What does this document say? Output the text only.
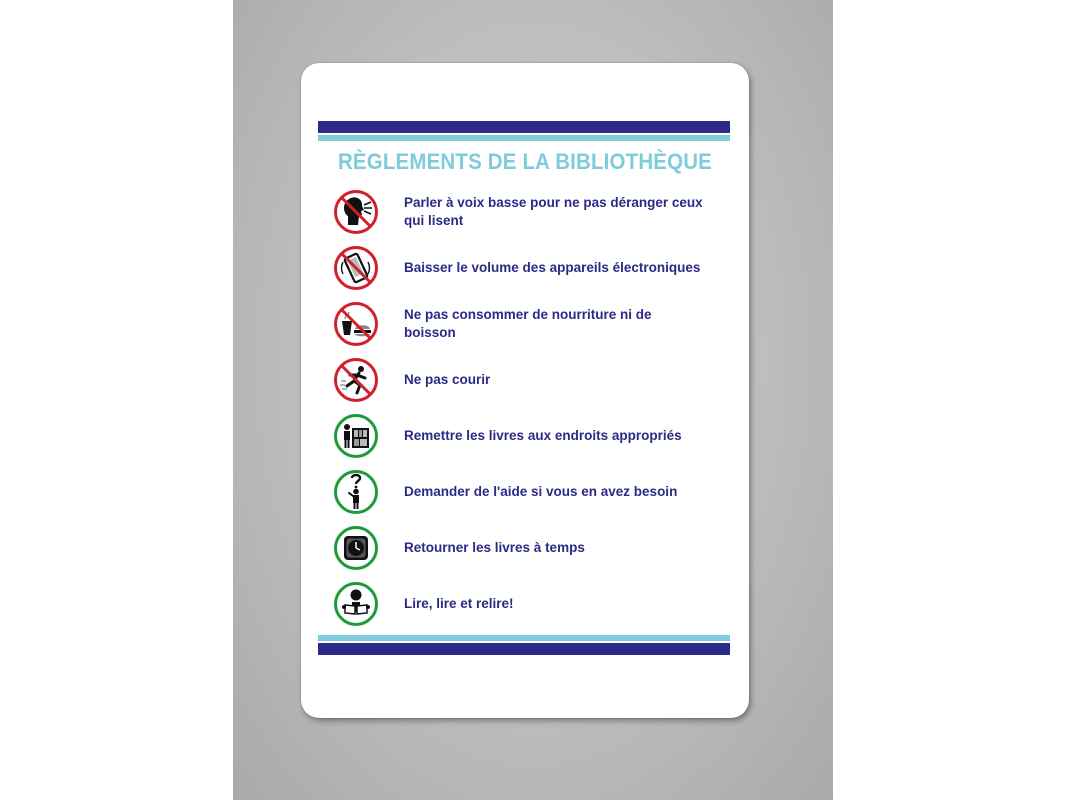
RÈGLEMENTS DE LA BIBLIOTHÈQUE
Parler à voix basse pour ne pas déranger ceux qui lisent
Baisser le volume des appareils électroniques
Ne pas consommer de nourriture ni de boisson
Ne pas courir
Remettre les livres aux endroits appropriés
Demander de l'aide si vous en avez besoin
Retourner les livres à temps
Lire, lire et relire!
